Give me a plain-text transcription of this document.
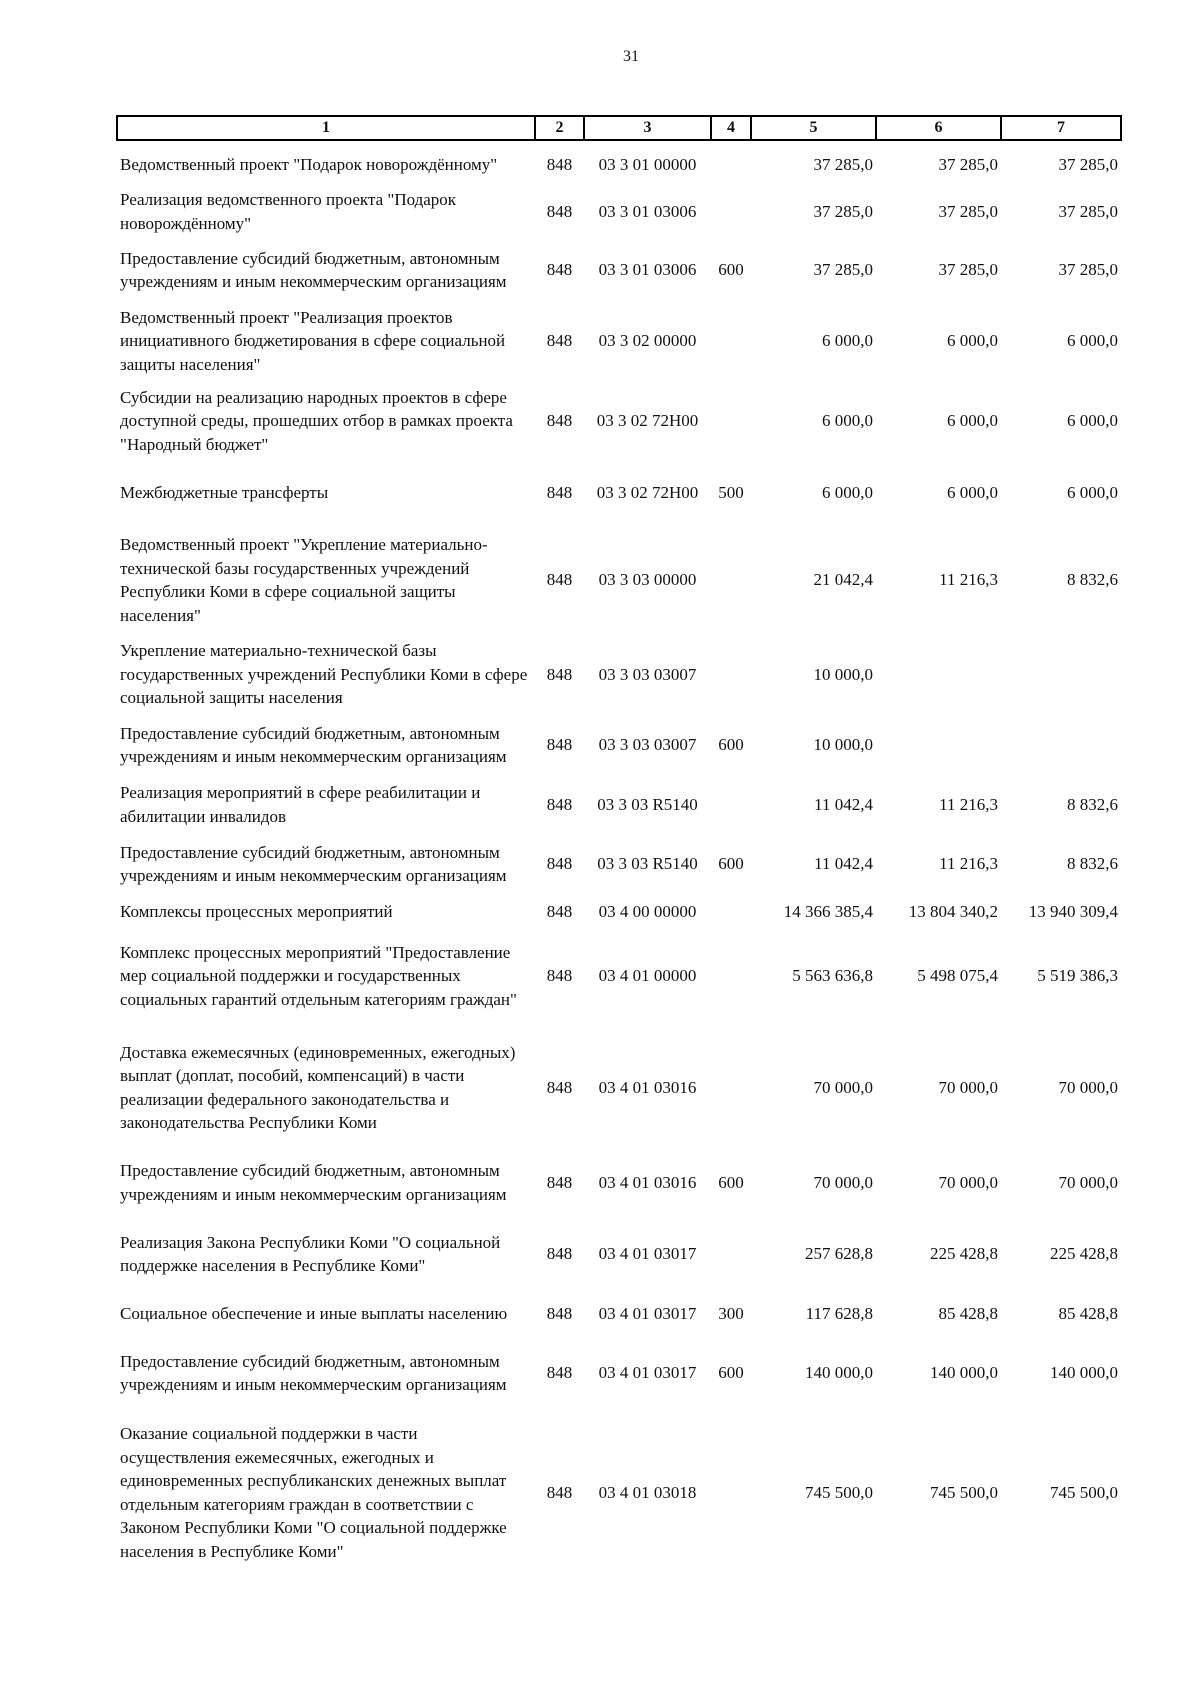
31
1	2	3	4	5	6	7
Ведомственный проект "Подарок новорождённому"	848	03 3 01 00000		37 285,0	37 285,0	37 285,0
Реализация ведомственного проекта "Подарок новорождённому"	848	03 3 01 03006		37 285,0	37 285,0	37 285,0
Предоставление субсидий бюджетным, автономным учреждениям и иным некоммерческим организациям	848	03 3 01 03006	600	37 285,0	37 285,0	37 285,0
Ведомственный проект "Реализация проектов инициативного бюджетирования в сфере социальной защиты населения"	848	03 3 02 00000		6 000,0	6 000,0	6 000,0
Субсидии на реализацию народных проектов в сфере доступной среды, прошедших отбор в рамках проекта "Народный бюджет"	848	03 3 02 72Н00		6 000,0	6 000,0	6 000,0
Межбюджетные трансферты	848	03 3 02 72Н00	500	6 000,0	6 000,0	6 000,0
Ведомственный проект "Укрепление материально-технической базы государственных учреждений Республики Коми в сфере социальной защиты населения"	848	03 3 03 00000		21 042,4	11 216,3	8 832,6
Укрепление материально-технической базы государственных учреждений Республики Коми в сфере социальной защиты населения	848	03 3 03 03007		10 000,0		
Предоставление субсидий бюджетным, автономным учреждениям и иным некоммерческим организациям	848	03 3 03 03007	600	10 000,0		
Реализация мероприятий в сфере реабилитации и абилитации инвалидов	848	03 3 03 R5140		11 042,4	11 216,3	8 832,6
Предоставление субсидий бюджетным, автономным учреждениям и иным некоммерческим организациям	848	03 3 03 R5140	600	11 042,4	11 216,3	8 832,6
Комплексы процессных мероприятий	848	03 4 00 00000		14 366 385,4	13 804 340,2	13 940 309,4
Комплекс процессных мероприятий "Предоставление мер социальной поддержки и государственных социальных гарантий отдельным категориям граждан"	848	03 4 01 00000		5 563 636,8	5 498 075,4	5 519 386,3
Доставка ежемесячных (единовременных, ежегодных) выплат (доплат, пособий, компенсаций) в части реализации федерального законодательства и законодательства Республики Коми	848	03 4 01 03016		70 000,0	70 000,0	70 000,0
Предоставление субсидий бюджетным, автономным учреждениям и иным некоммерческим организациям	848	03 4 01 03016	600	70 000,0	70 000,0	70 000,0
Реализация Закона Республики Коми "О социальной поддержке населения в Республике Коми"	848	03 4 01 03017		257 628,8	225 428,8	225 428,8
Социальное обеспечение и иные выплаты населению	848	03 4 01 03017	300	117 628,8	85 428,8	85 428,8
Предоставление субсидий бюджетным, автономным учреждениям и иным некоммерческим организациям	848	03 4 01 03017	600	140 000,0	140 000,0	140 000,0
Оказание социальной поддержки в части осуществления ежемесячных, ежегодных и единовременных республиканских денежных выплат отдельным категориям граждан в соответствии с Законом Республики Коми "О социальной поддержке населения в Республике Коми"	848	03 4 01 03018		745 500,0	745 500,0	745 500,0
